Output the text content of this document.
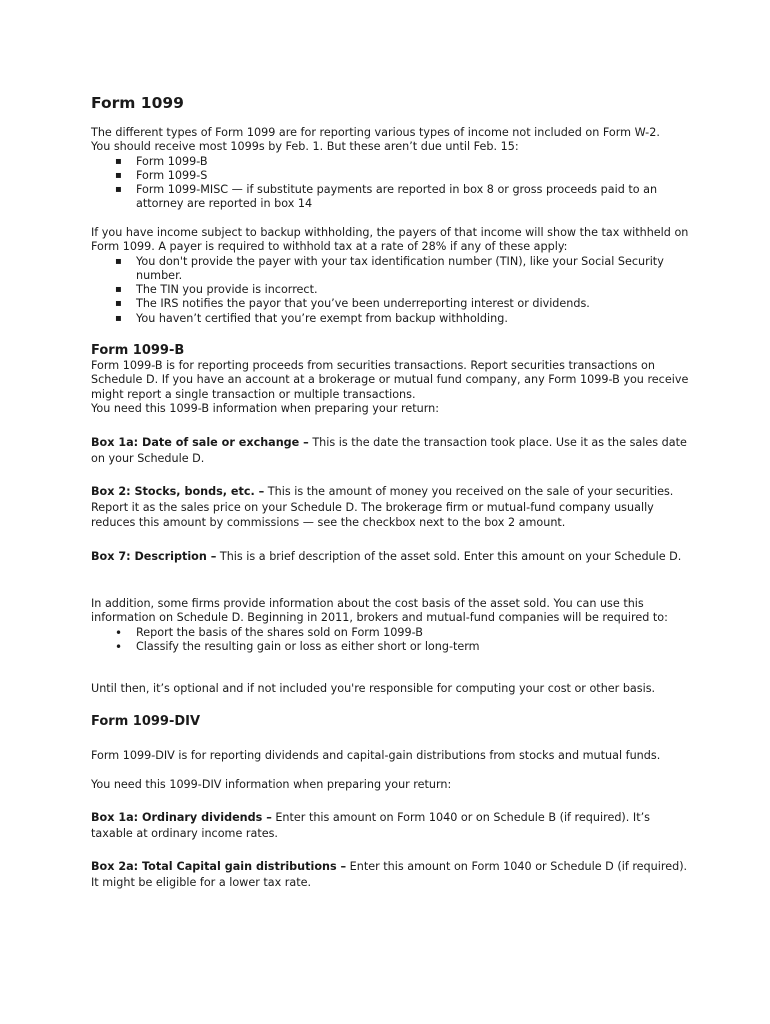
Form 1099

The different types of Form 1099 are for reporting various types of income not included on Form W-2.

You should receive most 1099s by Feb. 1. But these aren’t due until Feb. 15:

▪ Form 1099-B
▪ Form 1099-S
▪ Form 1099-MISC — if substitute payments are reported in box 8 or gross proceeds paid to an attorney are reported in box 14

If you have income subject to backup withholding, the payers of that income will show the tax withheld on Form 1099. A payer is required to withhold tax at a rate of 28% if any of these apply:

▪ You don't provide the payer with your tax identification number (TIN), like your Social Security number.
▪ The TIN you provide is incorrect.
▪ The IRS notifies the payor that you’ve been underreporting interest or dividends.
▪ You haven’t certified that you’re exempt from backup withholding.
Form 1099-B

Form 1099-B is for reporting proceeds from securities transactions. Report securities transactions on Schedule D. If you have an account at a brokerage or mutual fund company, any Form 1099-B you receive might report a single transaction or multiple transactions.

You need this 1099-B information when preparing your return:

Box 1a: Date of sale or exchange – This is the date the transaction took place. Use it as the sales date on your Schedule D.

Box 2: Stocks, bonds, etc. – This is the amount of money you received on the sale of your securities. Report it as the sales price on your Schedule D. The brokerage firm or mutual-fund company usually reduces this amount by commissions — see the checkbox next to the box 2 amount.

Box 7: Description – This is a brief description of the asset sold. Enter this amount on your Schedule D.

In addition, some firms provide information about the cost basis of the asset sold. You can use this information on Schedule D. Beginning in 2011, brokers and mutual-fund companies will be required to:

• Report the basis of the shares sold on Form 1099-B
• Classify the resulting gain or loss as either short or long-term

Until then, it’s optional and if not included you're responsible for computing your cost or other basis.

Form 1099-DIV

Form 1099-DIV is for reporting dividends and capital-gain distributions from stocks and mutual funds.

You need this 1099-DIV information when preparing your return:

Box 1a: Ordinary dividends – Enter this amount on Form 1040 or on Schedule B (if required). It’s taxable at ordinary income rates.

Box 2a: Total Capital gain distributions – Enter this amount on Form 1040 or Schedule D (if required). It might be eligible for a lower tax rate.
